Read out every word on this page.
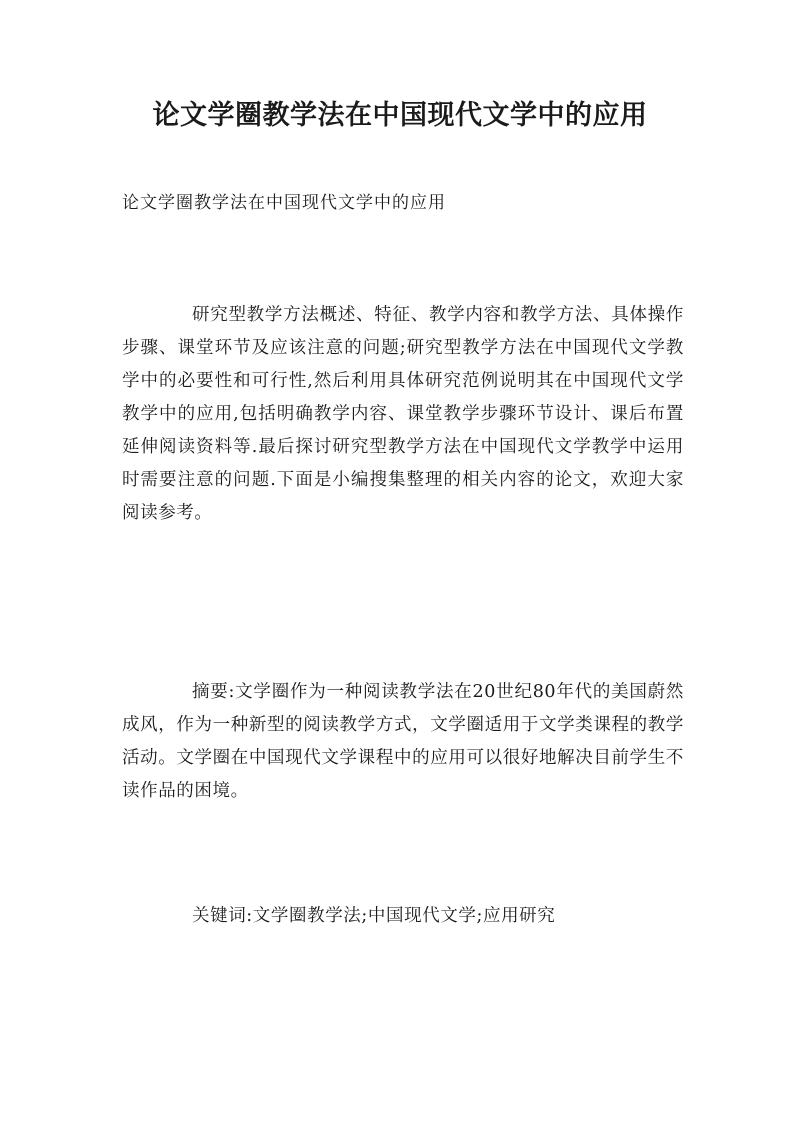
论文学圈教学法在中国现代文学中的应用

论文学圈教学法在中国现代文学中的应用

研究型教学方法概述、特征、教学内容和教学方法、具体操作步骤、课堂环节及应该注意的问题;研究型教学方法在中国现代文学教学中的必要性和可行性,然后利用具体研究范例说明其在中国现代文学教学中的应用,包括明确教学内容、课堂教学步骤环节设计、课后布置延伸阅读资料等.最后探讨研究型教学方法在中国现代文学教学中运用时需要注意的问题.下面是小编搜集整理的相关内容的论文，欢迎大家阅读参考。

摘要:文学圈作为一种阅读教学法在20世纪80年代的美国蔚然成风，作为一种新型的阅读教学方式，文学圈适用于文学类课程的教学活动。文学圈在中国现代文学课程中的应用可以很好地解决目前学生不读作品的困境。

关键词:文学圈教学法;中国现代文学;应用研究
